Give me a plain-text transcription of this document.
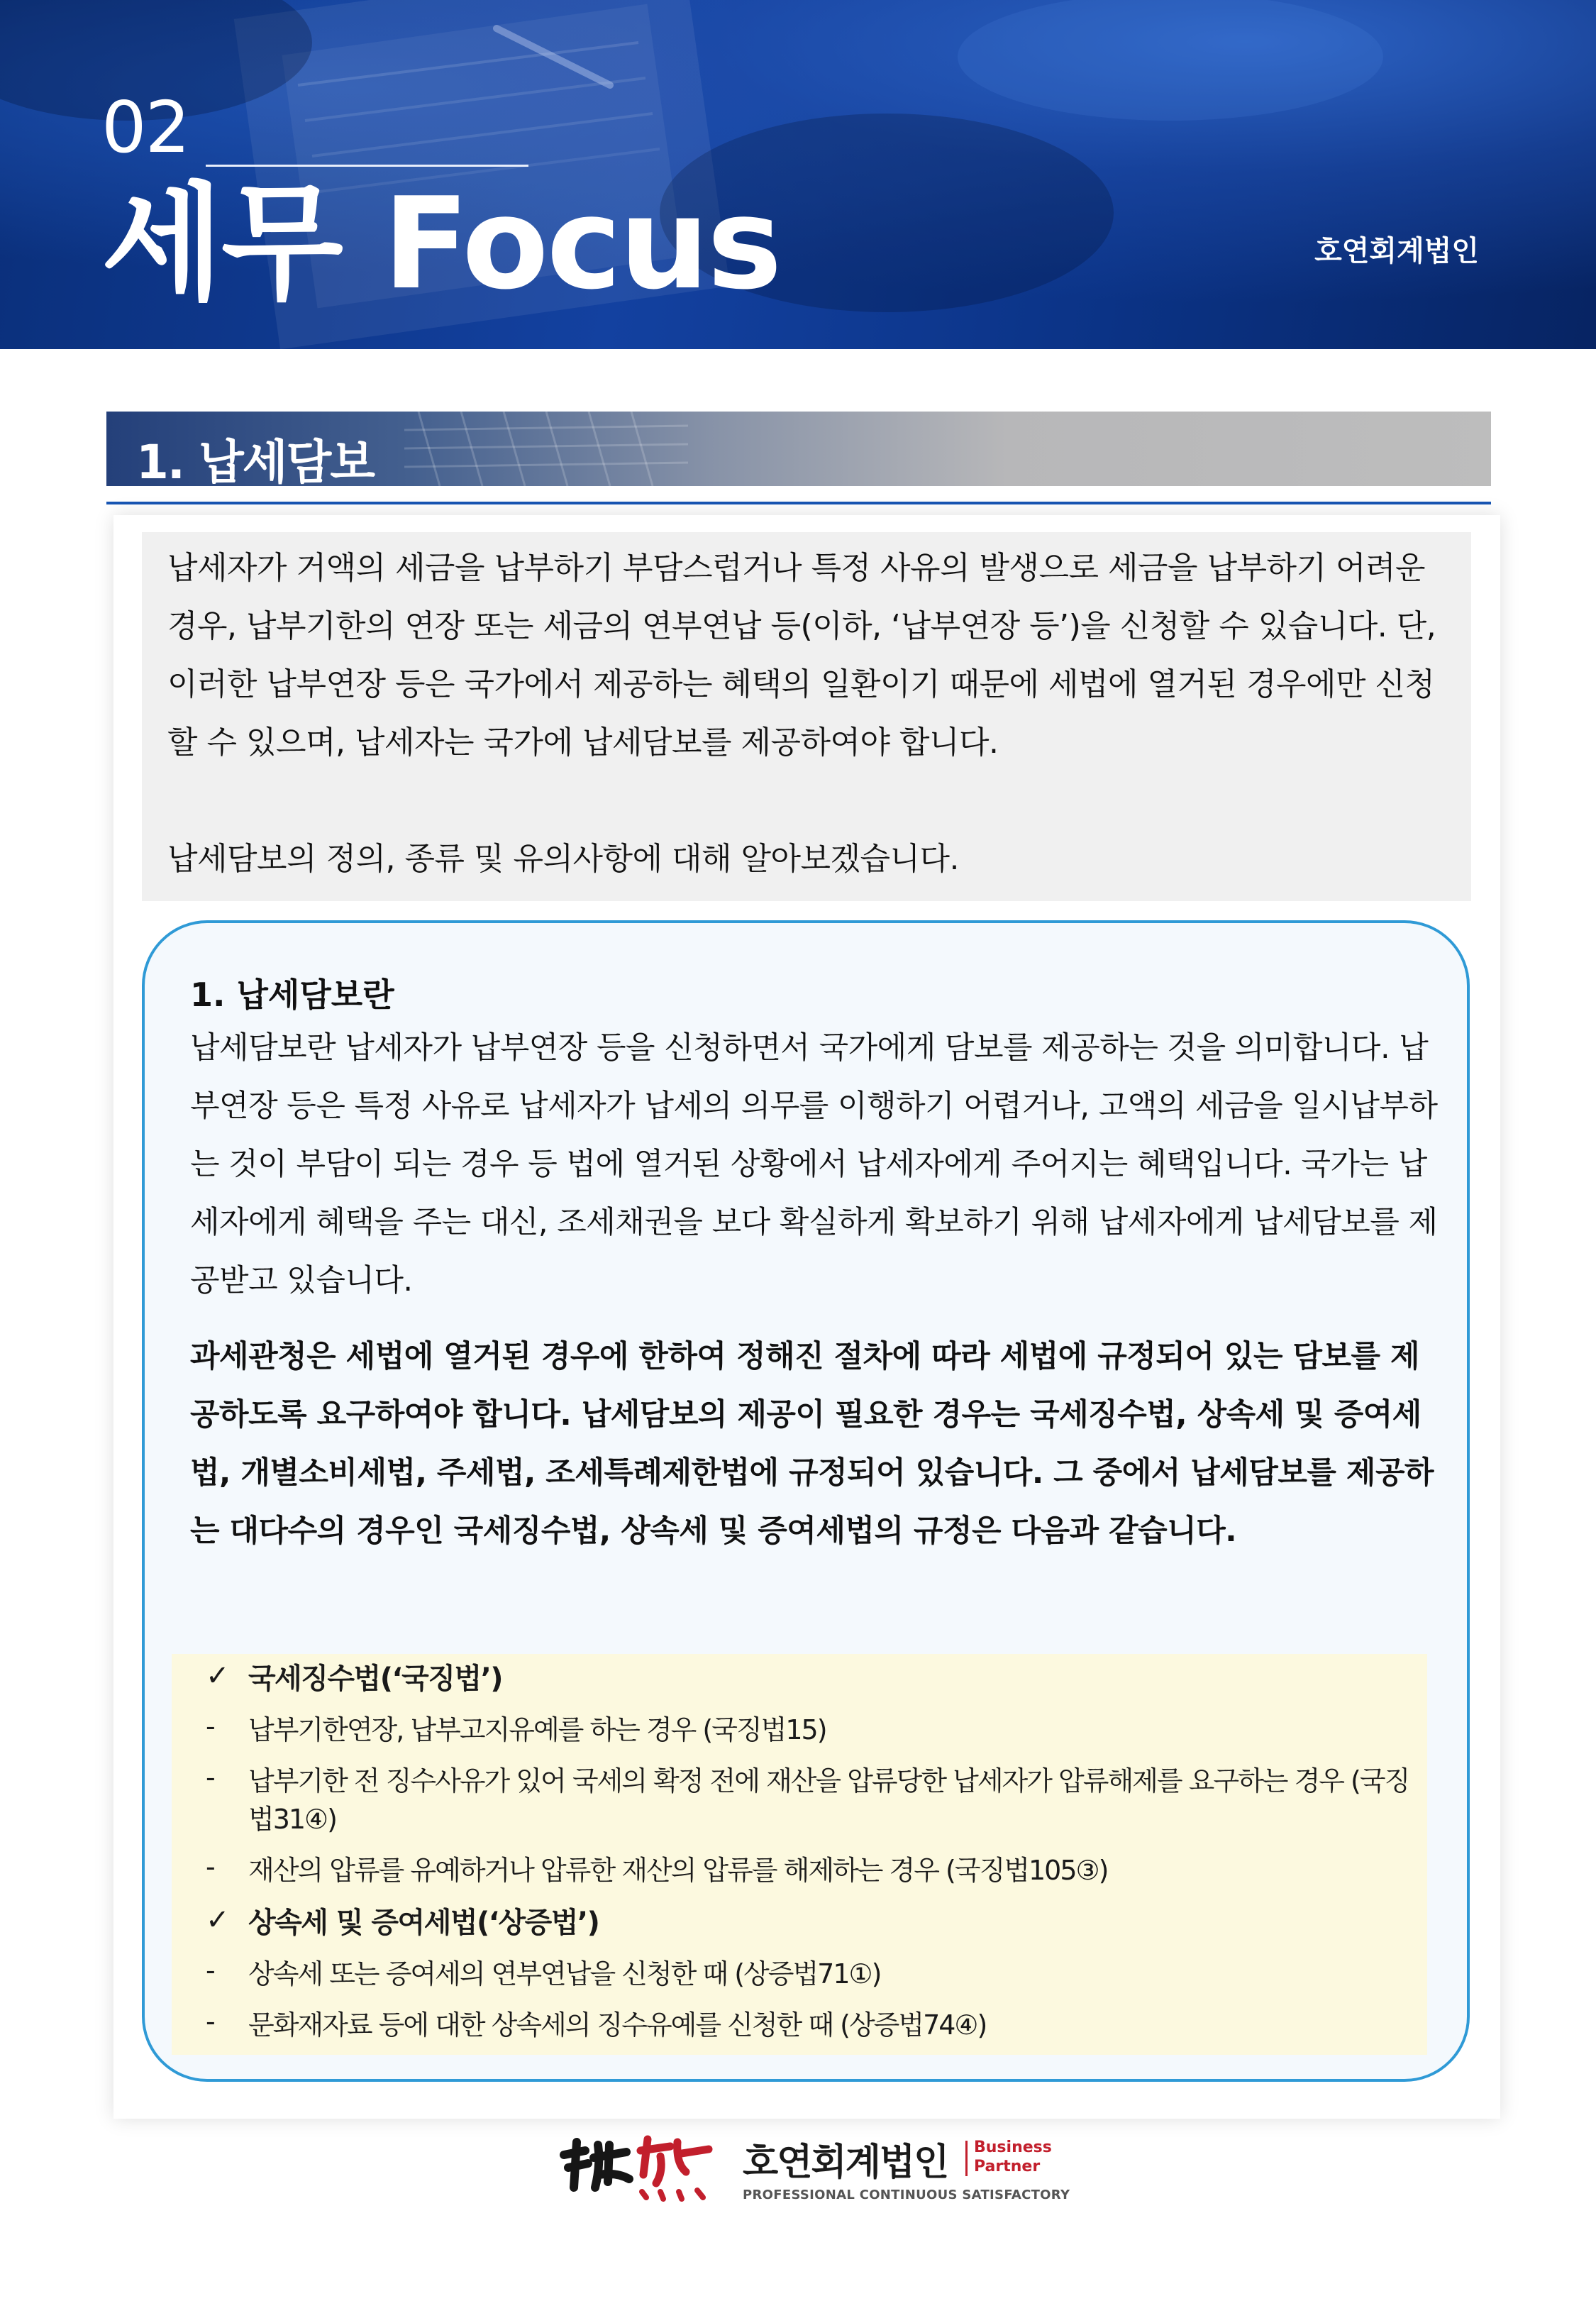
02
세무 Focus	호연회계법인
1. 납세담보

납세자가 거액의 세금을 납부하기 부담스럽거나 특정 사유의 발생으로 세금을 납부하기 어려운 경우, 납부기한의 연장 또는 세금의 연부연납 등(이하, ‘납부연장 등’)을 신청할 수 있습니다. 단, 이러한 납부연장 등은 국가에서 제공하는 혜택의 일환이기 때문에 세법에 열거된 경우에만 신청할 수 있으며, 납세자는 국가에 납세담보를 제공하여야 합니다.

납세담보의 정의, 종류 및 유의사항에 대해 알아보겠습니다.

1. 납세담보란

납세담보란 납세자가 납부연장 등을 신청하면서 국가에게 담보를 제공하는 것을 의미합니다. 납부연장 등은 특정 사유로 납세자가 납세의 의무를 이행하기 어렵거나, 고액의 세금을 일시납부하는 것이 부담이 되는 경우 등 법에 열거된 상황에서 납세자에게 주어지는 혜택입니다. 국가는 납세자에게 혜택을 주는 대신, 조세채권을 보다 확실하게 확보하기 위해 납세자에게 납세담보를 제공받고 있습니다.

과세관청은 세법에 열거된 경우에 한하여 정해진 절차에 따라 세법에 규정되어 있는 담보를 제공하도록 요구하여야 합니다. 납세담보의 제공이 필요한 경우는 국세징수법, 상속세 및 증여세법, 개별소비세법, 주세법, 조세특례제한법에 규정되어 있습니다. 그 중에서 납세담보를 제공하는 대다수의 경우인 국세징수법, 상속세 및 증여세법의 규정은 다음과 같습니다.

✓ 국세징수법(‘국징법’)
- 납부기한연장, 납부고지유예를 하는 경우 (국징법15)
- 납부기한 전 징수사유가 있어 국세의 확정 전에 재산을 압류당한 납세자가 압류해제를 요구하는 경우 (국징법31④)
- 재산의 압류를 유예하거나 압류한 재산의 압류를 해제하는 경우 (국징법105③)
✓ 상속세 및 증여세법(‘상증법’)
- 상속세 또는 증여세의 연부연납을 신청한 때 (상증법71①)
- 문화재자료 등에 대한 상속세의 징수유예를 신청한 때 (상증법74④)
浩然
호연회계법인 Business
Partner
PROFESSIONAL CONTINUOUS SATISFACTORY
